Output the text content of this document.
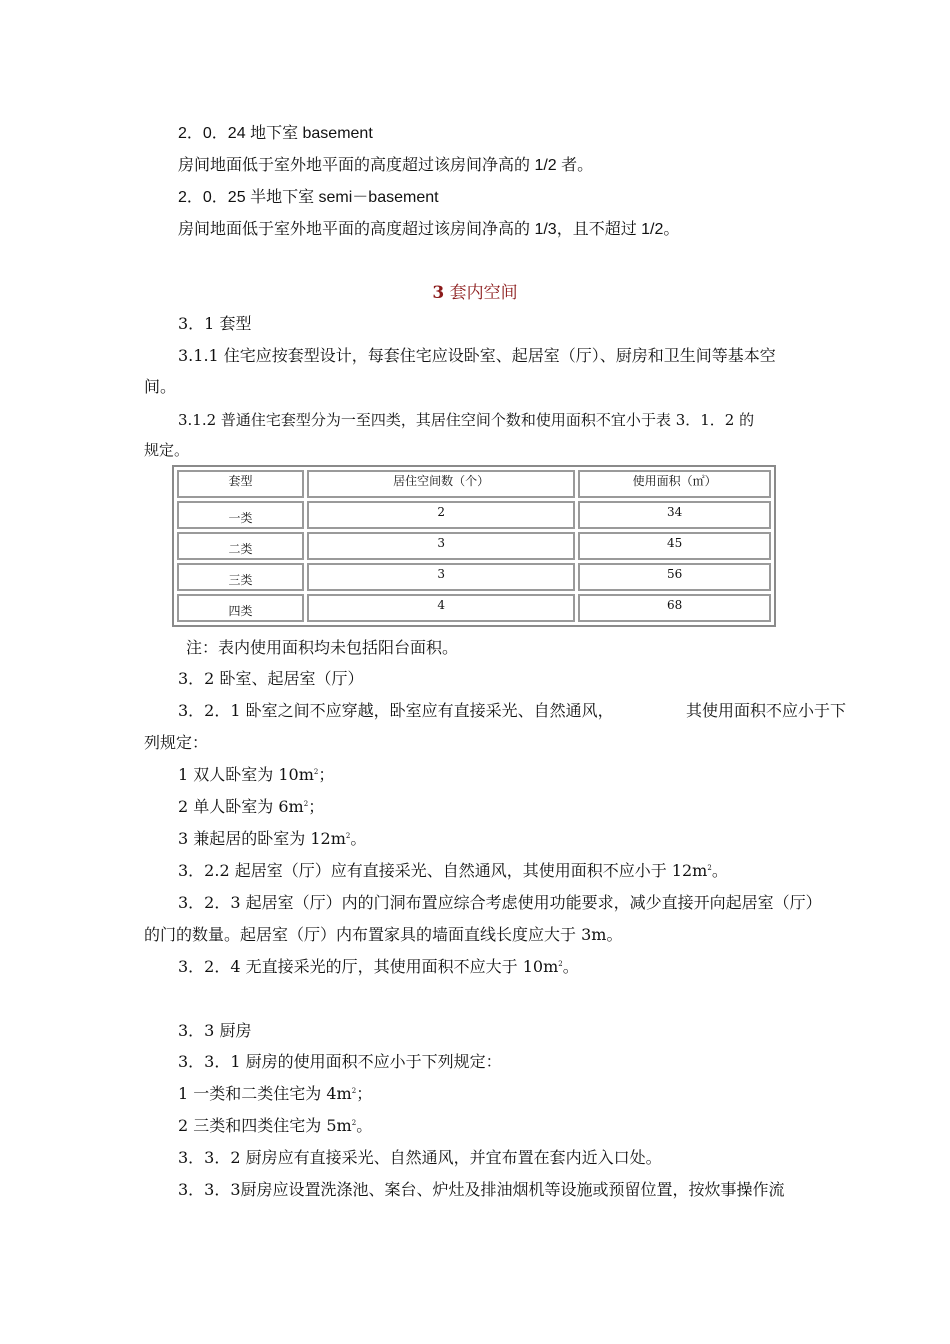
2．0．24 地下室 basement
房间地面低于室外地平面的高度超过该房间净高的 1/2 者。
2．0．25 半地下室 semi－basement
房间地面低于室外地平面的高度超过该房间净高的 1/3，且不超过 1/2。
3 套内空间
3．1 套型
3.1.1 住宅应按套型设计，每套住宅应设卧室、起居室（厅）、厨房和卫生间等基本空
间。
3.1.2 普通住宅套型分为一至四类，其居住空间个数和使用面积不宜小于表 3．1．2 的
规定。
套型	居住空间数（个）	使用面积（㎡）
一类	2	34
二类	3	45
三类	3	56
四类	4	68
注：表内使用面积均未包括阳台面积。
3．2 卧室、起居室（厅）
3．2．1 卧室之间不应穿越，卧室应有直接采光、自然通风，	其使用面积不应小于下
列规定：
1 双人卧室为 $10m^2$；
2 单人卧室为 $6m^2$；
3 兼起居的卧室为 $12m^2$。
3．2.2 起居室（厅）应有直接采光、自然通风，其使用面积不应小于 $12m^2$。
3．2．3 起居室（厅）内的门洞布置应综合考虑使用功能要求，减少直接开向起居室（厅）
的门的数量。起居室（厅）内布置家具的墙面直线长度应大于 3m。
3．2．4 无直接采光的厅，其使用面积不应大于 $10m^2$。
3．3 厨房
3．3．1 厨房的使用面积不应小于下列规定：
1 一类和二类住宅为 $4m^2$；
2 三类和四类住宅为 $5m^2$。
3．3．2 厨房应有直接采光、自然通风，并宜布置在套内近入口处。
3．3．3厨房应设置洗涤池、案台、炉灶及排油烟机等设施或预留位置，按炊事操作流
